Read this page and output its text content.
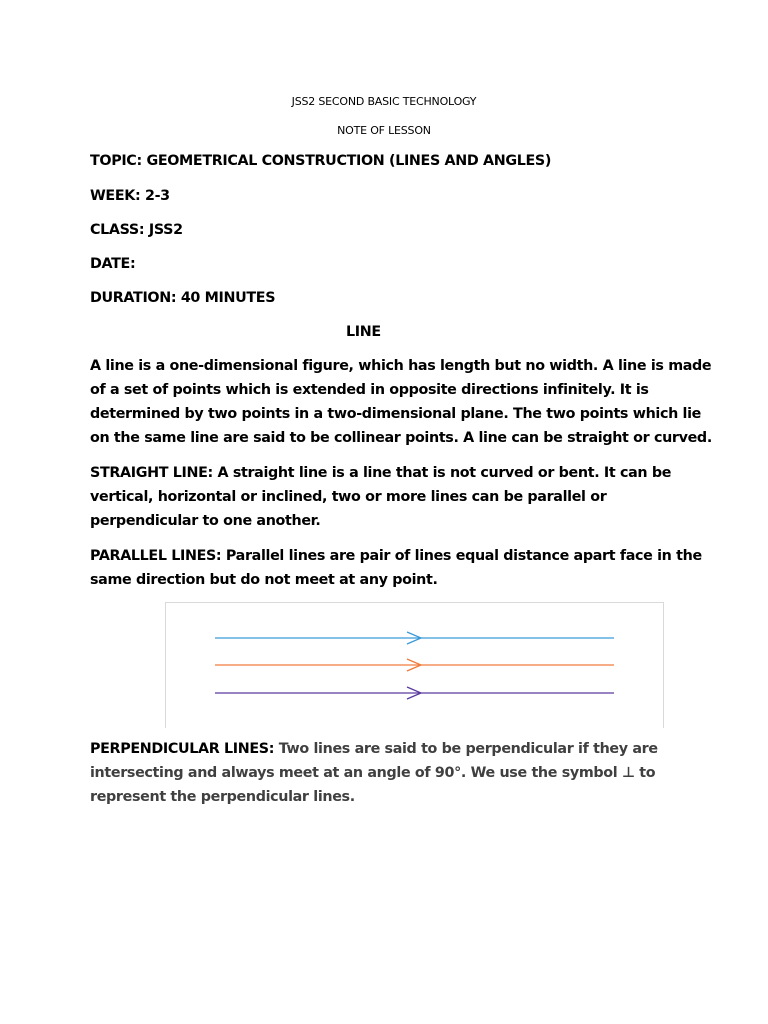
JSS2 SECOND BASIC TECHNOLOGY
NOTE OF LESSON
TOPIC: GEOMETRICAL CONSTRUCTION (LINES AND ANGLES)
WEEK: 2-3
CLASS: JSS2
DATE:
DURATION: 40 MINUTES
LINE
A line is a one-dimensional figure, which has length but no width. A line is made
of a set of points which is extended in opposite directions infinitely. It is
determined by two points in a two-dimensional plane. The two points which lie
on the same line are said to be collinear points. A line can be straight or curved.
STRAIGHT LINE: A straight line is a line that is not curved or bent. It can be
vertical, horizontal or inclined, two or more lines can be parallel or
perpendicular to one another.
PARALLEL LINES: Parallel lines are pair of lines equal distance apart face in the
same direction but do not meet at any point.
PERPENDICULAR LINES: Two lines are said to be perpendicular if they are
intersecting and always meet at an angle of 90°. We use the symbol ⊥ to
represent the perpendicular lines.
